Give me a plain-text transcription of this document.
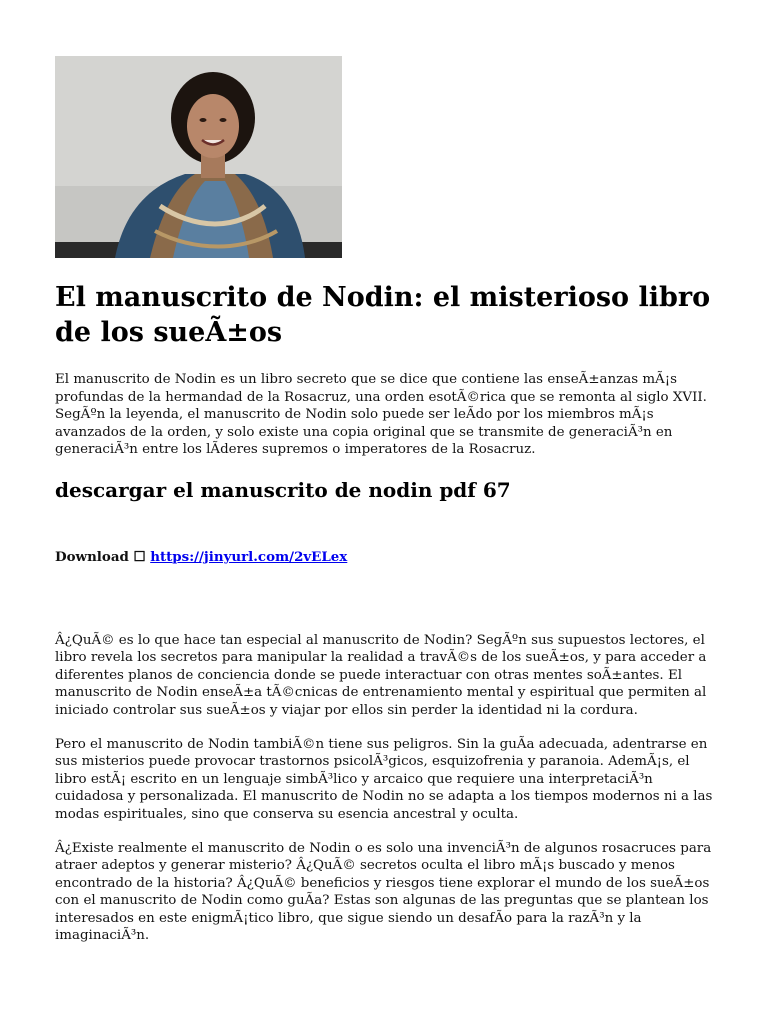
El manuscrito de Nodin: el misterioso libro de los sueÃ±os

El manuscrito de Nodin es un libro secreto que se dice que contiene las enseÃ±anzas mÃ¡s profundas de la hermandad de la Rosacruz, una orden esotÃ©rica que se remonta al siglo XVII. SegÃºn la leyenda, el manuscrito de Nodin solo puede ser leÃdo por los miembros mÃ¡s avanzados de la orden, y solo existe una copia original que se transmite de generaciÃ³n en generaciÃ³n entre los lÃderes supremos o imperatores de la Rosacruz.

descargar el manuscrito de nodin pdf 67

Download ☐ https://jinyurl.com/2vELex

Â¿QuÃ© es lo que hace tan especial al manuscrito de Nodin? SegÃºn sus supuestos lectores, el libro revela los secretos para manipular la realidad a travÃ©s de los sueÃ±os, y para acceder a diferentes planos de conciencia donde se puede interactuar con otras mentes soÃ±antes. El manuscrito de Nodin enseÃ±a tÃ©cnicas de entrenamiento mental y espiritual que permiten al iniciado controlar sus sueÃ±os y viajar por ellos sin perder la identidad ni la cordura.

Pero el manuscrito de Nodin tambiÃ©n tiene sus peligros. Sin la guÃa adecuada, adentrarse en sus misterios puede provocar trastornos psicolÃ³gicos, esquizofrenia y paranoia. AdemÃ¡s, el libro estÃ¡ escrito en un lenguaje simbÃ³lico y arcaico que requiere una interpretaciÃ³n cuidadosa y personalizada. El manuscrito de Nodin no se adapta a los tiempos modernos ni a las modas espirituales, sino que conserva su esencia ancestral y oculta.

Â¿Existe realmente el manuscrito de Nodin o es solo una invenciÃ³n de algunos rosacruces para atraer adeptos y generar misterio? Â¿QuÃ© secretos oculta el libro mÃ¡s buscado y menos encontrado de la historia? Â¿QuÃ© beneficios y riesgos tiene explorar el mundo de los sueÃ±os con el manuscrito de Nodin como guÃa? Estas son algunas de las preguntas que se plantean los interesados en este enigmÃ¡tico libro, que sigue siendo un desafÃo para la razÃ³n y la imaginaciÃ³n.
